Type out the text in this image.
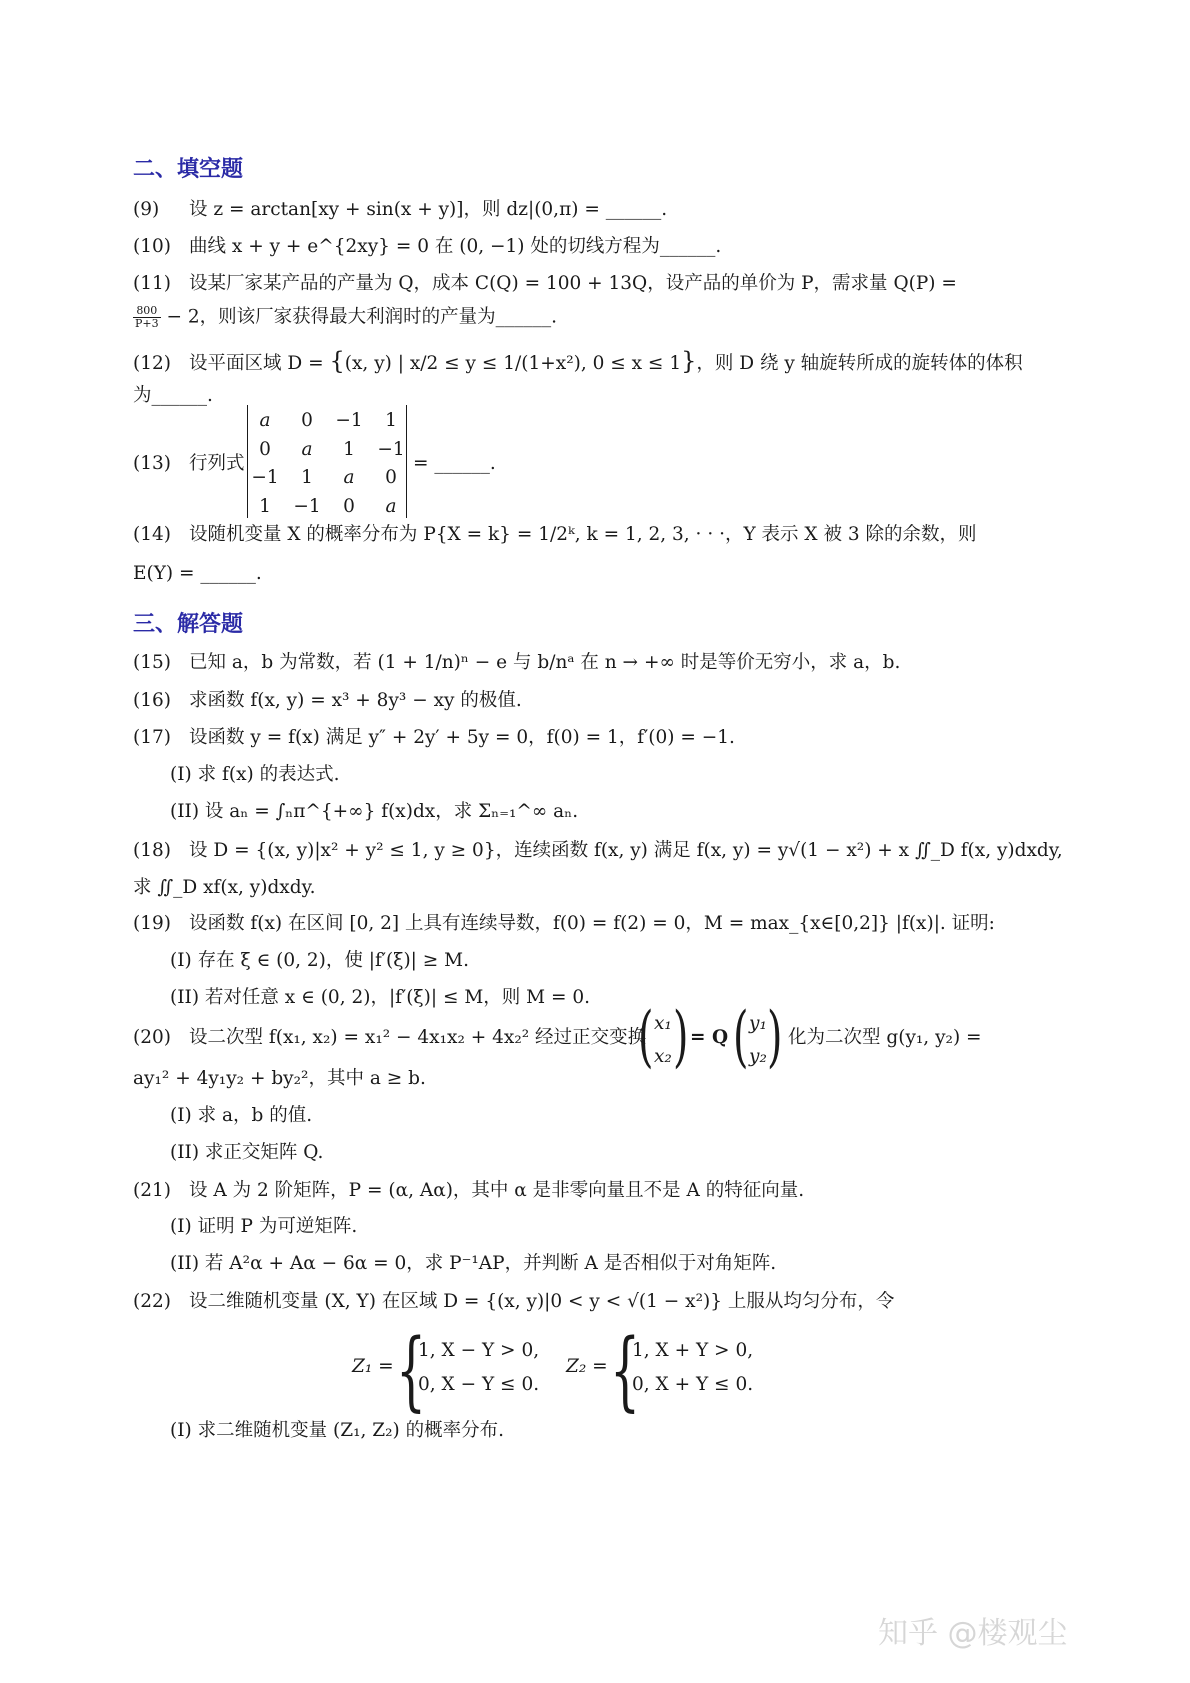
二、填空题
(9) 设 z = arctan[xy + sin(x + y)]，则 dz|(0,π) = ______.
(10) 曲线 x + y + e^{2xy} = 0 在 (0, −1) 处的切线方程为______.
(11) 设某厂家某产品的产量为 Q，成本 C(Q) = 100 + 13Q，设产品的单价为 P，需求量 Q(P) =
$\frac{800}{P+3} - 2$，则该厂家获得最大利润时的产量为______.
(12) 设平面区域 D = {(x, y) | x/2 ≤ y ≤ 1/(1+x²), 0 ≤ x ≤ 1}，则 D 绕 y 轴旋转所成的旋转体的体积
为______.
(13) 行列式
a	0	−1	1
0	a	1	−1
−1	1	a	0
1	−1	0	a
= ______.
(14) 设随机变量 X 的概率分布为 P{X = k} = 1/2ᵏ, k = 1, 2, 3, · · ·，Y 表示 X 被 3 除的余数，则
E(Y) = ______.
三、解答题
(15) 已知 a，b 为常数，若 (1 + 1/n)ⁿ − e 与 b/nᵃ 在 n → +∞ 时是等价无穷小，求 a，b.
(16) 求函数 f(x, y) = x³ + 8y³ − xy 的极值.
(17) 设函数 y = f(x) 满足 y″ + 2y′ + 5y = 0，f(0) = 1，f′(0) = −1.
(I) 求 f(x) 的表达式.
(II) 设 aₙ = ∫ₙπ^{+∞} f(x)dx，求 Σₙ₌₁^∞ aₙ.
(18) 设 D = {(x, y)|x² + y² ≤ 1, y ≥ 0}，连续函数 f(x, y) 满足 f(x, y) = y√(1 − x²) + x ∬_D f(x, y)dxdy,
求 ∬_D xf(x, y)dxdy.
(19) 设函数 f(x) 在区间 [0, 2] 上具有连续导数，f(0) = f(2) = 0，M = max_{x∈[0,2]} |f(x)|. 证明:
(I) 存在 ξ ∈ (0, 2)，使 |f′(ξ)| ≥ M.
(II) 若对任意 x ∈ (0, 2)，|f′(ξ)| ≤ M，则 M = 0.
(20) 设二次型 f(x₁, x₂) = x₁² − 4x₁x₂ + 4x₂² 经过正交变换
( x₁
x₂ ) = Q ( y₁
y₂ ) 化为二次型 g(y₁, y₂) =
ay₁² + 4y₁y₂ + by₂²，其中 a ≥ b.
(I) 求 a，b 的值.
(II) 求正交矩阵 Q.
(21) 设 A 为 2 阶矩阵，P = (α, Aα)，其中 α 是非零向量且不是 A 的特征向量.
(I) 证明 P 为可逆矩阵.
(II) 若 A²α + Aα − 6α = 0，求 P⁻¹AP，并判断 A 是否相似于对角矩阵.
(22) 设二维随机变量 (X, Y) 在区域 D = {(x, y)|0 < y < √(1 − x²)} 上服从均匀分布，令
Z₁ = {
1, X − Y > 0,
0, X − Y ≤ 0.
Z₂ = {
1, X + Y > 0,
0, X + Y ≤ 0.
(I) 求二维随机变量 (Z₁, Z₂) 的概率分布.
知乎 @楼观尘
